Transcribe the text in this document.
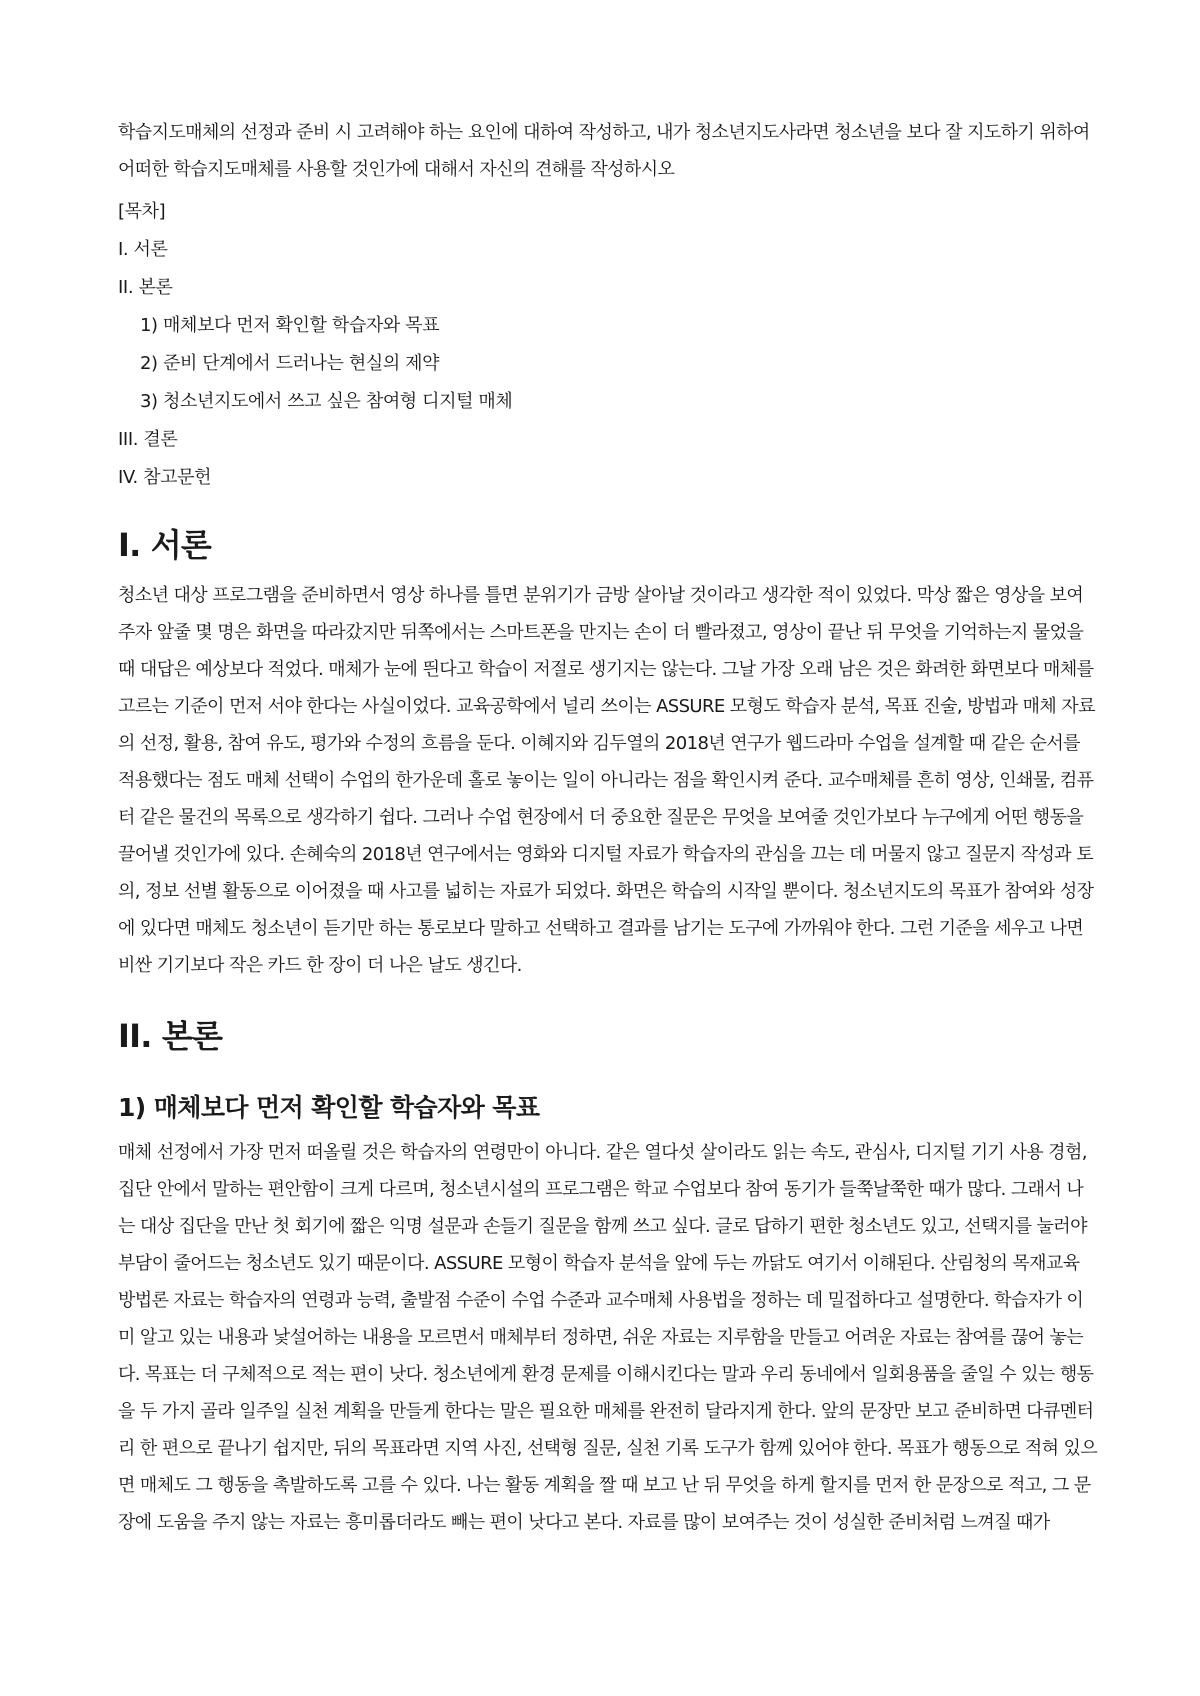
학습지도매체의 선정과 준비 시 고려해야 하는 요인에 대하여 작성하고, 내가 청소년지도사라면 청소년을 보다 잘 지도하기 위하여 어떠한 학습지도매체를 사용할 것인가에 대해서 자신의 견해를 작성하시오

[목차]

I. 서론

II. 본론

1) 매체보다 먼저 확인할 학습자와 목표

2) 준비 단계에서 드러나는 현실의 제약

3) 청소년지도에서 쓰고 싶은 참여형 디지털 매체

III. 결론

IV. 참고문헌

I. 서론

청소년 대상 프로그램을 준비하면서 영상 하나를 틀면 분위기가 금방 살아날 것이라고 생각한 적이 있었다. 막상 짧은 영상을 보여주자 앞줄 몇 명은 화면을 따라갔지만 뒤쪽에서는 스마트폰을 만지는 손이 더 빨라졌고, 영상이 끝난 뒤 무엇을 기억하는지 물었을 때 대답은 예상보다 적었다. 매체가 눈에 띈다고 학습이 저절로 생기지는 않는다. 그날 가장 오래 남은 것은 화려한 화면보다 매체를 고르는 기준이 먼저 서야 한다는 사실이었다. 교육공학에서 널리 쓰이는 ASSURE 모형도 학습자 분석, 목표 진술, 방법과 매체 자료의 선정, 활용, 참여 유도, 평가와 수정의 흐름을 둔다. 이혜지와 김두열의 2018년 연구가 웹드라마 수업을 설계할 때 같은 순서를 적용했다는 점도 매체 선택이 수업의 한가운데 홀로 놓이는 일이 아니라는 점을 확인시켜 준다. 교수매체를 흔히 영상, 인쇄물, 컴퓨터 같은 물건의 목록으로 생각하기 쉽다. 그러나 수업 현장에서 더 중요한 질문은 무엇을 보여줄 것인가보다 누구에게 어떤 행동을 끌어낼 것인가에 있다. 손혜숙의 2018년 연구에서는 영화와 디지털 자료가 학습자의 관심을 끄는 데 머물지 않고 질문지 작성과 토의, 정보 선별 활동으로 이어졌을 때 사고를 넓히는 자료가 되었다. 화면은 학습의 시작일 뿐이다. 청소년지도의 목표가 참여와 성장에 있다면 매체도 청소년이 듣기만 하는 통로보다 말하고 선택하고 결과를 남기는 도구에 가까워야 한다. 그런 기준을 세우고 나면 비싼 기기보다 작은 카드 한 장이 더 나은 날도 생긴다.

II. 본론
1) 매체보다 먼저 확인할 학습자와 목표

매체 선정에서 가장 먼저 떠올릴 것은 학습자의 연령만이 아니다. 같은 열다섯 살이라도 읽는 속도, 관심사, 디지털 기기 사용 경험, 집단 안에서 말하는 편안함이 크게 다르며, 청소년시설의 프로그램은 학교 수업보다 참여 동기가 들쭉날쭉한 때가 많다. 그래서 나는 대상 집단을 만난 첫 회기에 짧은 익명 설문과 손들기 질문을 함께 쓰고 싶다. 글로 답하기 편한 청소년도 있고, 선택지를 눌러야 부담이 줄어드는 청소년도 있기 때문이다. ASSURE 모형이 학습자 분석을 앞에 두는 까닭도 여기서 이해된다. 산림청의 목재교육 방법론 자료는 학습자의 연령과 능력, 출발점 수준이 수업 수준과 교수매체 사용법을 정하는 데 밀접하다고 설명한다. 학습자가 이미 알고 있는 내용과 낯설어하는 내용을 모르면서 매체부터 정하면, 쉬운 자료는 지루함을 만들고 어려운 자료는 참여를 끊어 놓는다. 목표는 더 구체적으로 적는 편이 낫다. 청소년에게 환경 문제를 이해시킨다는 말과 우리 동네에서 일회용품을 줄일 수 있는 행동을 두 가지 골라 일주일 실천 계획을 만들게 한다는 말은 필요한 매체를 완전히 달라지게 한다. 앞의 문장만 보고 준비하면 다큐멘터리 한 편으로 끝나기 쉽지만, 뒤의 목표라면 지역 사진, 선택형 질문, 실천 기록 도구가 함께 있어야 한다. 목표가 행동으로 적혀 있으면 매체도 그 행동을 촉발하도록 고를 수 있다. 나는 활동 계획을 짤 때 보고 난 뒤 무엇을 하게 할지를 먼저 한 문장으로 적고, 그 문장에 도움을 주지 않는 자료는 흥미롭더라도 빼는 편이 낫다고 본다. 자료를 많이 보여주는 것이 성실한 준비처럼 느껴질 때가
